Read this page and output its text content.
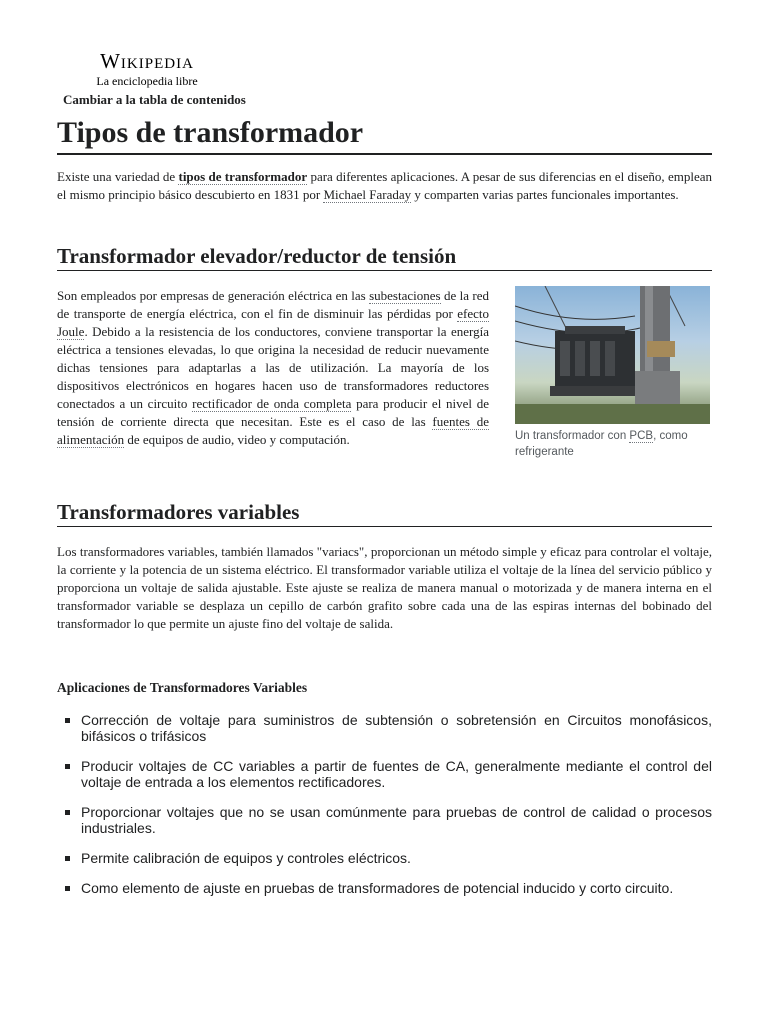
Wikipedia
La enciclopedia libre
Cambiar a la tabla de contenidos
Tipos de transformador

Existe una variedad de tipos de transformador para diferentes aplicaciones. A pesar de sus diferencias en el diseño, emplean el mismo principio básico descubierto en 1831 por Michael Faraday y comparten varias partes funcionales importantes.

Transformador elevador/reductor de tensión

Son empleados por empresas de generación eléctrica en las subestaciones de la red de transporte de energía eléctrica, con el fin de disminuir las pérdidas por efecto Joule. Debido a la resistencia de los conductores, conviene transportar la energía eléctrica a tensiones elevadas, lo que origina la necesidad de reducir nuevamente dichas tensiones para adaptarlas a las de utilización. La mayoría de los dispositivos electrónicos en hogares hacen uso de transformadores reductores conectados a un circuito rectificador de onda completa para producir el nivel de tensión de corriente directa que necesitan. Este es el caso de las fuentes de alimentación de equipos de audio, video y computación.	Un transformador con PCB, como refrigerante
Transformadores variables

Los transformadores variables, también llamados "variacs", proporcionan un método simple y eficaz para controlar el voltaje, la corriente y la potencia de un sistema eléctrico. El transformador variable utiliza el voltaje de la línea del servicio público y proporciona un voltaje de salida ajustable. Este ajuste se realiza de manera manual o motorizada y de manera interna en el transformador variable se desplaza un cepillo de carbón grafito sobre cada una de las espiras internas del bobinado del transformador lo que permite un ajuste fino del voltaje de salida.

Aplicaciones de Transformadores Variables
Corrección de voltaje para suministros de subtensión o sobretensión en Circuitos monofásicos, bifásicos o trifásicos
Producir voltajes de CC variables a partir de fuentes de CA, generalmente mediante el control del voltaje de entrada a los elementos rectificadores.
Proporcionar voltajes que no se usan comúnmente para pruebas de control de calidad o procesos industriales.
Permite calibración de equipos y controles eléctricos.
Como elemento de ajuste en pruebas de transformadores de potencial inducido y corto circuito.
